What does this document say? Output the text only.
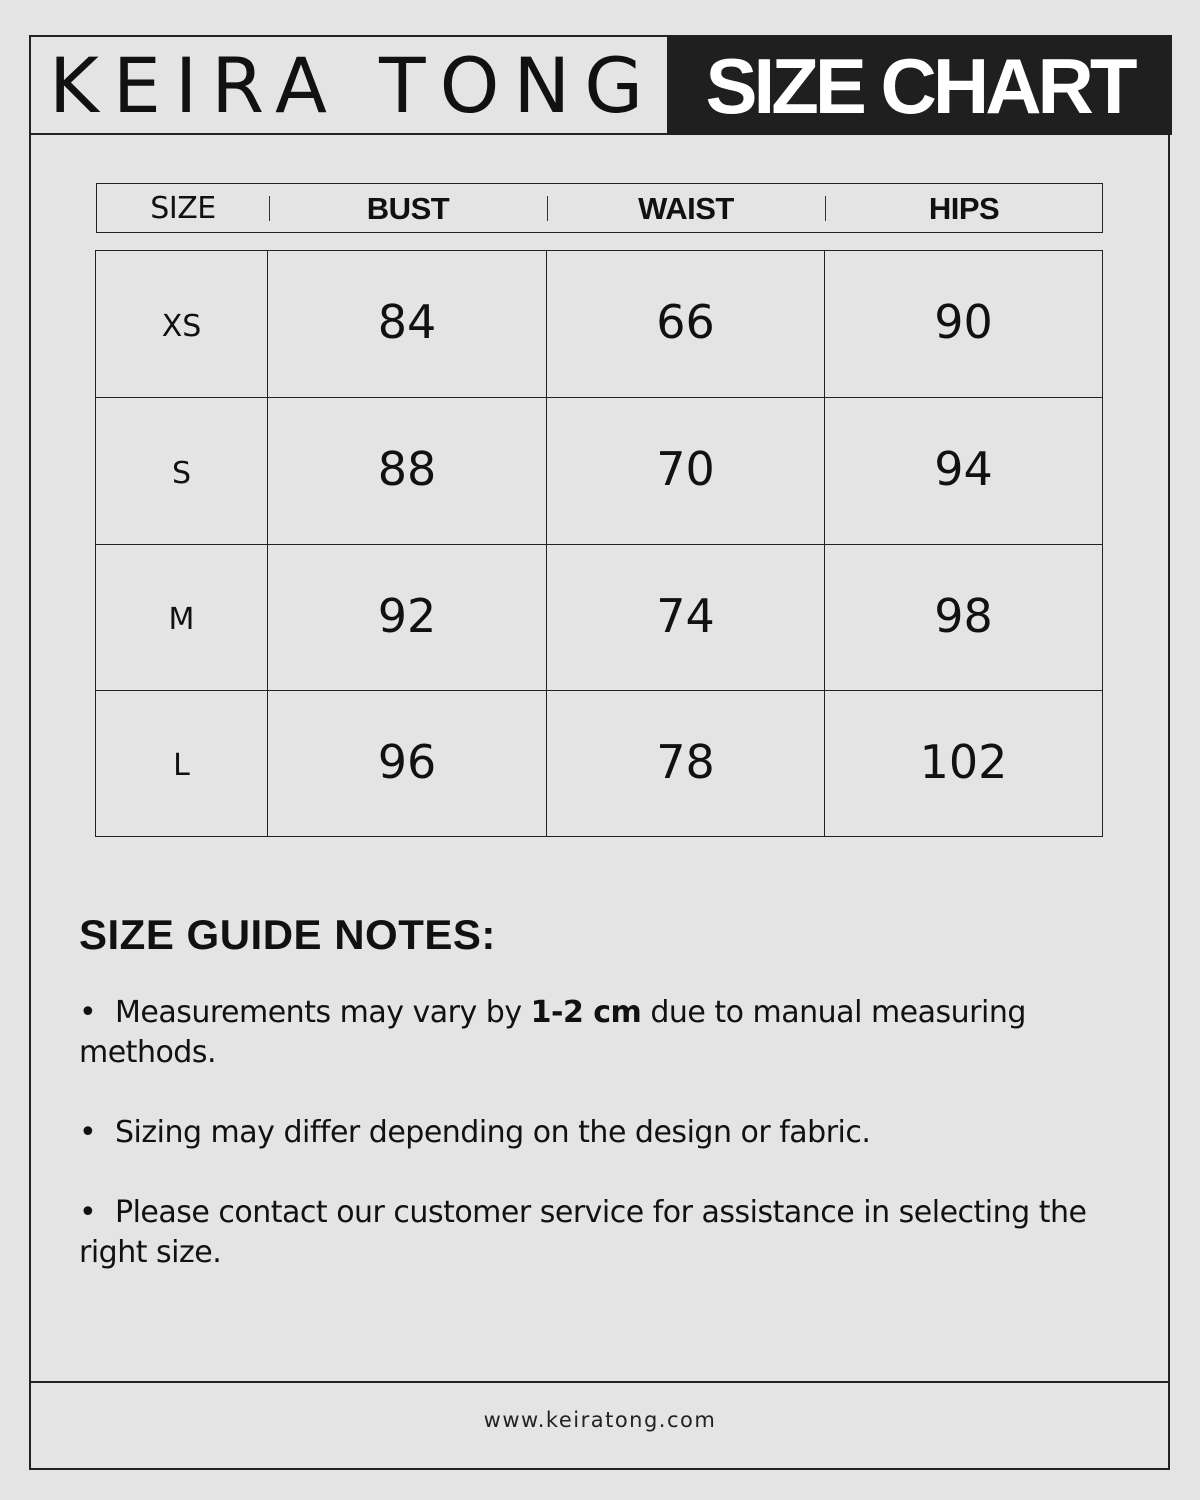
KEIRA TONG SIZE CHART
SIZE	BUST	WAIST	HIPS
XS	84	66	90
S	88	70	94
M	92	74	98
L	96	78	102
SIZE GUIDE NOTES:
• Measurements may vary by 1-2 cm due to manual measuring methods.
• Sizing may differ depending on the design or fabric.
• Please contact our customer service for assistance in selecting the right size.
www.keiratong.com
